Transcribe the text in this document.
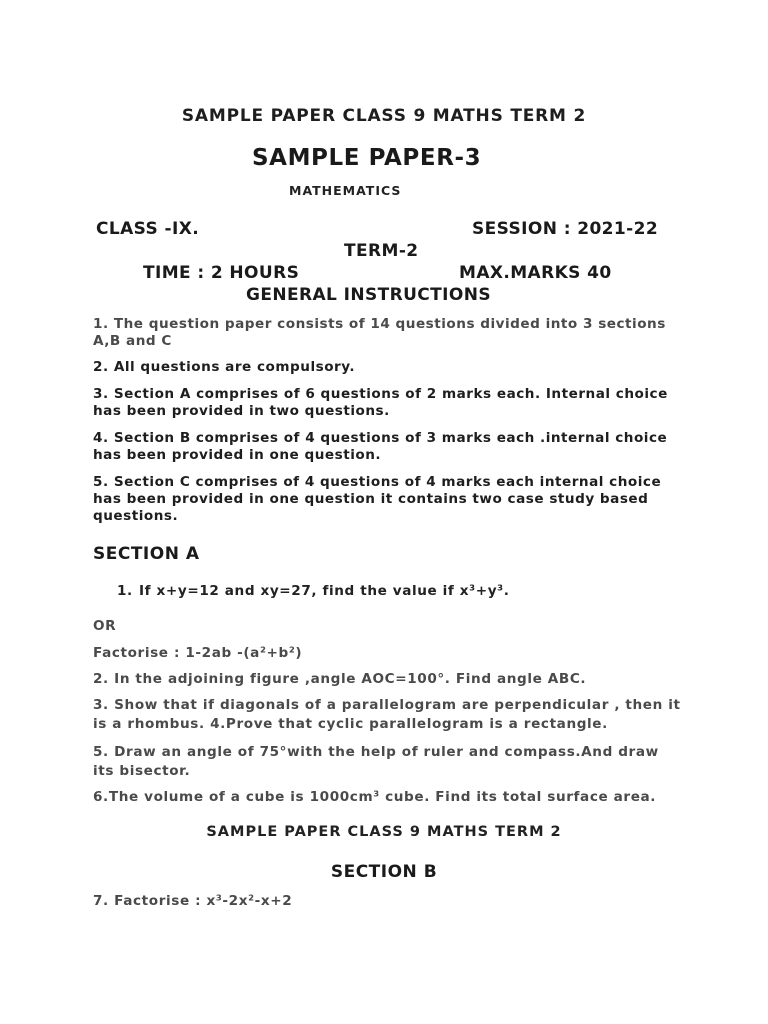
SAMPLE PAPER CLASS 9 MATHS TERM 2
SAMPLE PAPER-3
MATHEMATICS
CLASS -IX.	SESSION : 2021-22
TERM-2
TIME : 2 HOURS	MAX.MARKS 40
GENERAL INSTRUCTIONS
1. The question paper consists of 14 questions divided into 3 sections A,B and C
2. All questions are compulsory.
3. Section A comprises of 6 questions of 2 marks each. Internal choice has been provided in two questions.
4. Section B comprises of 4 questions of 3 marks each .internal choice has been provided in one question.
5. Section C comprises of 4 questions of 4 marks each internal choice has been provided in one question it contains two case study based questions.
SECTION A
1. If x+y=12 and xy=27, find the value if x³+y³.
OR
Factorise : 1-2ab -(a²+b²)
2. In the adjoining figure ,angle AOC=100°. Find angle ABC.
3. Show that if diagonals of a parallelogram are perpendicular , then it is a rhombus. 4.Prove that cyclic parallelogram is a rectangle.
5. Draw an angle of 75°with the help of ruler and compass.And draw its bisector.
6.The volume of a cube is 1000cm³ cube. Find its total surface area.
SAMPLE PAPER CLASS 9 MATHS TERM 2
SECTION B
7. Factorise : x³-2x²-x+2
